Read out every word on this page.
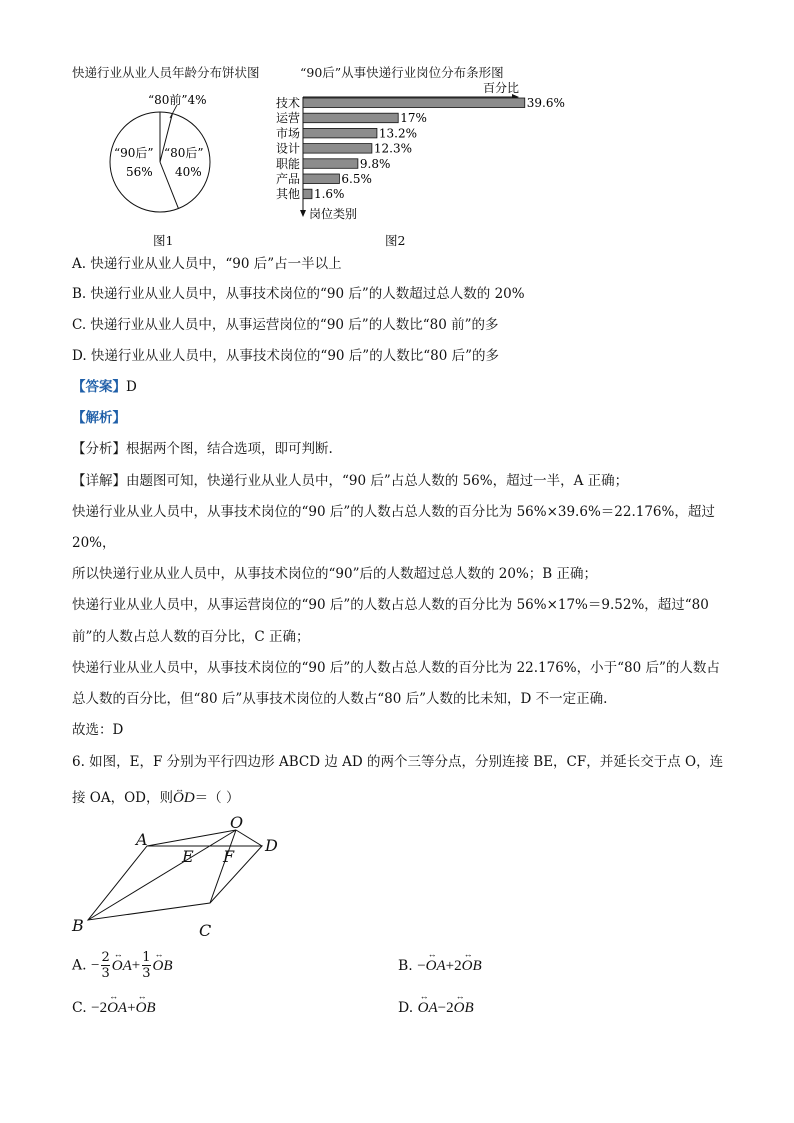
快递行业从业人员年龄分布饼状图	“90后”从事快递行业岗位分布条形图
“80前”4%
“90后”
56%
“80后”
40%
百分比
岗位类别
技术	39.6%
运营	17%
市场	13.2%
设计	12.3%
职能	9.8%
产品	6.5%
其他 1.6%
图1	图2
A. 快递行业从业人员中，“90 后”占一半以上
B. 快递行业从业人员中，从事技术岗位的“90 后”的人数超过总人数的 20%
C. 快递行业从业人员中，从事运营岗位的“90 后”的人数比“80 前”的多
D. 快递行业从业人员中，从事技术岗位的“90 后”的人数比“80 后”的多
【答案】D
【解析】
【分析】根据两个图，结合选项，即可判断.
【详解】由题图可知，快递行业从业人员中，“90 后”占总人数的 56%，超过一半，A 正确；
快递行业从业人员中，从事技术岗位的“90 后”的人数占总人数的百分比为 56%×39.6%＝22.176%，超过
20%，
所以快递行业从业人员中，从事技术岗位的“90”后的人数超过总人数的 20%；B 正确；
快递行业从业人员中，从事运营岗位的“90 后”的人数占总人数的百分比为 56%×17%＝9.52%，超过“80
前”的人数占总人数的百分比，C 正确；
快递行业从业人员中，从事技术岗位的“90 后”的人数占总人数的百分比为 22.176%，小于“80 后”的人数占
总人数的百分比，但“80 后”从事技术岗位的人数占“80 后”人数的比未知，D 不一定正确.
故选：D
6. 如图，E，F 分别为平行四边形 ABCD 边 AD 的两个三等分点，分别连接 BE，CF，并延长交于点 O，连
接 OA，OD，则↔ OD＝（ ）
O
A	D
E F
B	C
A. − $\frac{2}{3}$ ↔ $OA+ \frac{1}{3}$ ↔ OB	B. −↔ OA+2↔ OB
C. −2↔ OA+↔ OB	D. ↔ OA−2↔ OB
